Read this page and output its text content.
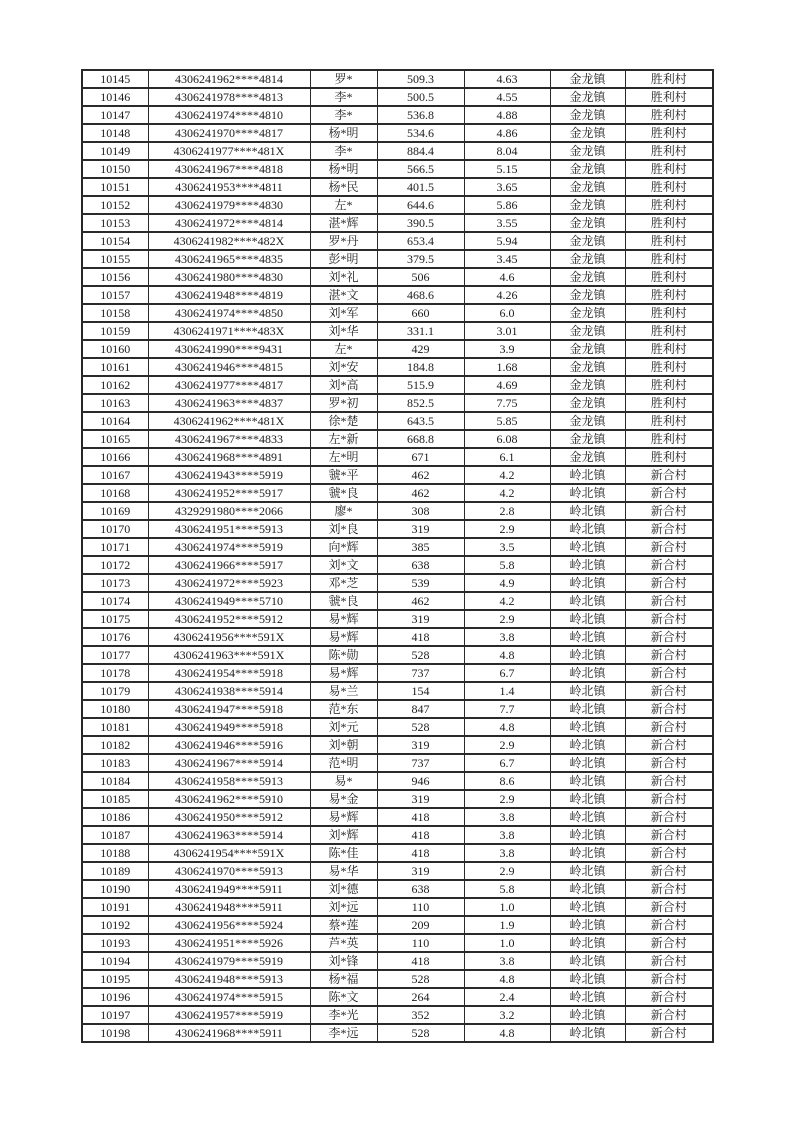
10145	4306241962****4814	罗*	509.3	4.63	金龙镇	胜利村
10146	4306241978****4813	李*	500.5	4.55	金龙镇	胜利村
10147	4306241974****4810	李*	536.8	4.88	金龙镇	胜利村
10148	4306241970****4817	杨*明	534.6	4.86	金龙镇	胜利村
10149	4306241977****481X	李*	884.4	8.04	金龙镇	胜利村
10150	4306241967****4818	杨*明	566.5	5.15	金龙镇	胜利村
10151	4306241953****4811	杨*民	401.5	3.65	金龙镇	胜利村
10152	4306241979****4830	左*	644.6	5.86	金龙镇	胜利村
10153	4306241972****4814	湛*辉	390.5	3.55	金龙镇	胜利村
10154	4306241982****482X	罗*丹	653.4	5.94	金龙镇	胜利村
10155	4306241965****4835	彭*明	379.5	3.45	金龙镇	胜利村
10156	4306241980****4830	刘*礼	506	4.6	金龙镇	胜利村
10157	4306241948****4819	湛*文	468.6	4.26	金龙镇	胜利村
10158	4306241974****4850	刘*军	660	6.0	金龙镇	胜利村
10159	4306241971****483X	刘*华	331.1	3.01	金龙镇	胜利村
10160	4306241990****9431	左*	429	3.9	金龙镇	胜利村
10161	4306241946****4815	刘*安	184.8	1.68	金龙镇	胜利村
10162	4306241977****4817	刘*高	515.9	4.69	金龙镇	胜利村
10163	4306241963****4837	罗*初	852.5	7.75	金龙镇	胜利村
10164	4306241962****481X	徐*楚	643.5	5.85	金龙镇	胜利村
10165	4306241967****4833	左*新	668.8	6.08	金龙镇	胜利村
10166	4306241968****4891	左*明	671	6.1	金龙镇	胜利村
10167	4306241943****5919	虢*平	462	4.2	岭北镇	新合村
10168	4306241952****5917	虢*良	462	4.2	岭北镇	新合村
10169	4329291980****2066	廖*	308	2.8	岭北镇	新合村
10170	4306241951****5913	刘*良	319	2.9	岭北镇	新合村
10171	4306241974****5919	向*辉	385	3.5	岭北镇	新合村
10172	4306241966****5917	刘*文	638	5.8	岭北镇	新合村
10173	4306241972****5923	邓*芝	539	4.9	岭北镇	新合村
10174	4306241949****5710	虢*良	462	4.2	岭北镇	新合村
10175	4306241952****5912	易*辉	319	2.9	岭北镇	新合村
10176	4306241956****591X	易*辉	418	3.8	岭北镇	新合村
10177	4306241963****591X	陈*勋	528	4.8	岭北镇	新合村
10178	4306241954****5918	易*辉	737	6.7	岭北镇	新合村
10179	4306241938****5914	易*兰	154	1.4	岭北镇	新合村
10180	4306241947****5918	范*东	847	7.7	岭北镇	新合村
10181	4306241949****5918	刘*元	528	4.8	岭北镇	新合村
10182	4306241946****5916	刘*朝	319	2.9	岭北镇	新合村
10183	4306241967****5914	范*明	737	6.7	岭北镇	新合村
10184	4306241958****5913	易*	946	8.6	岭北镇	新合村
10185	4306241962****5910	易*金	319	2.9	岭北镇	新合村
10186	4306241950****5912	易*辉	418	3.8	岭北镇	新合村
10187	4306241963****5914	刘*辉	418	3.8	岭北镇	新合村
10188	4306241954****591X	陈*佳	418	3.8	岭北镇	新合村
10189	4306241970****5913	易*华	319	2.9	岭北镇	新合村
10190	4306241949****5911	刘*德	638	5.8	岭北镇	新合村
10191	4306241948****5911	刘*远	110	1.0	岭北镇	新合村
10192	4306241956****5924	蔡*莲	209	1.9	岭北镇	新合村
10193	4306241951****5926	芦*英	110	1.0	岭北镇	新合村
10194	4306241979****5919	刘*锋	418	3.8	岭北镇	新合村
10195	4306241948****5913	杨*福	528	4.8	岭北镇	新合村
10196	4306241974****5915	陈*文	264	2.4	岭北镇	新合村
10197	4306241957****5919	李*光	352	3.2	岭北镇	新合村
10198	4306241968****5911	李*远	528	4.8	岭北镇	新合村
